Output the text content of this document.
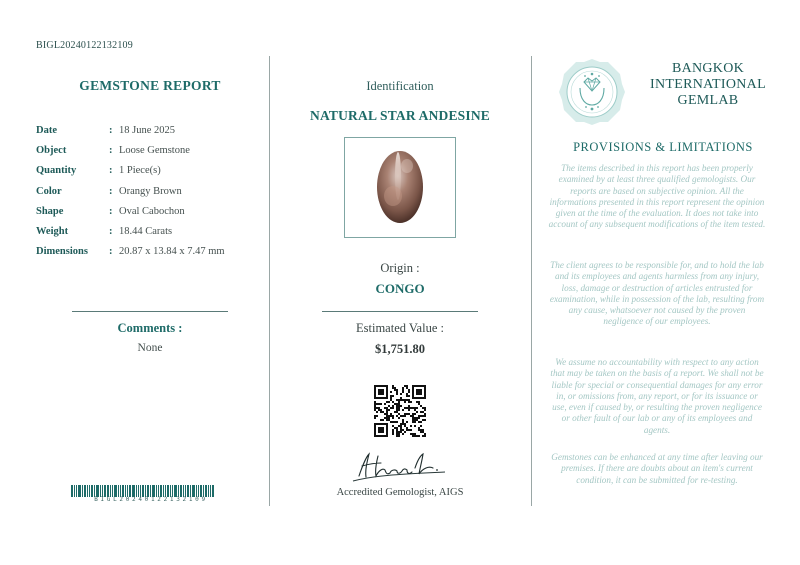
BIGL20240122132109
GEMSTONE REPORT
Date	: 18 June 2025
Object	: Loose Gemstone
Quantity	: 1 Piece(s)
Color	: Orangy Brown
Shape	: Oval Cabochon
Weight	: 18.44 Carats
Dimensions	: 20.87 x 13.84 x 7.47 mm
Comments :
None
BIGL20240122132109
Identification
NATURAL STAR ANDESINE
Origin :
CONGO
Estimated Value :
$1,751.80
Accredited Gemologist, AIGS
BANGKOK
INTERNATIONAL
GEMLAB
PROVISIONS & LIMITATIONS
The items described in this report has been properly examined by at least three qualified gemologists. Our reports are based on subjective opinion. All the informations presented in this report represent the opinion given at the time of the evaluation. It does not take into account of any subsequent modifications of the item tested.
The client agrees to be responsible for, and to hold the lab and its employees and agents harmless from any injury, loss, damage or destruction of articles entrusted for examination, while in possession of the lab, resulting from any cause, whatsoever not caused by the proven negligence of our employees.
We assume no accountability with respect to any action that may be taken on the basis of a report. We shall not be liable for special or consequential damages for any error in, or omissions from, any report, or for its issuance or use, even if caused by, or resulting the proven negligence or other fault of our lab or any of its employees and agents.
Gemstones can be enhanced at any time after leaving our premises. If there are doubts about an item's current condition, it can be submitted for re-testing.
